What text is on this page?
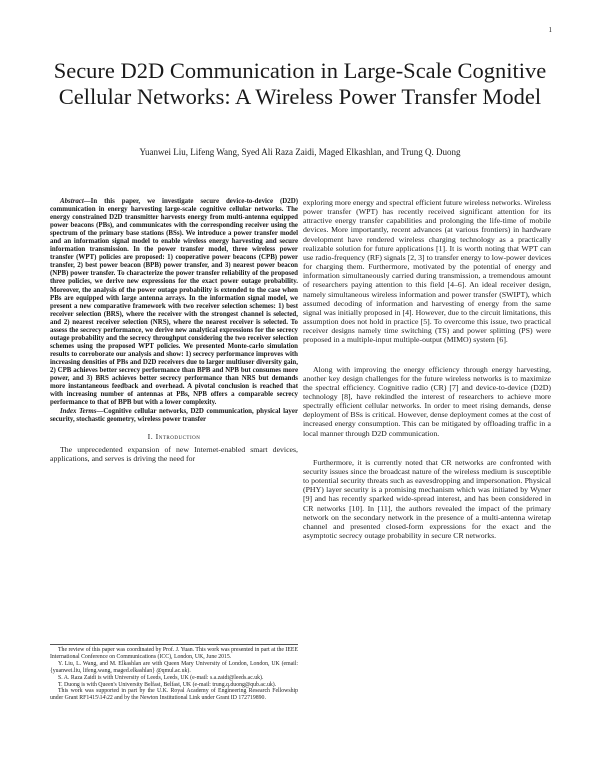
1
Secure D2D Communication in Large-Scale Cognitive Cellular Networks: A Wireless Power Transfer Model
Yuanwei Liu, Lifeng Wang, Syed Ali Raza Zaidi, Maged Elkashlan, and Trung Q. Duong

Abstract—In this paper, we investigate secure device-to-device (D2D) communication in energy harvesting large-scale cognitive cellular networks. The energy constrained D2D transmitter harvests energy from multi-antenna equipped power beacons (PBs), and communicates with the corresponding receiver using the spectrum of the primary base stations (BSs). We introduce a power transfer model and an information signal model to enable wireless energy harvesting and secure information transmission. In the power transfer model, three wireless power transfer (WPT) policies are proposed: 1) cooperative power beacons (CPB) power transfer, 2) best power beacon (BPB) power transfer, and 3) nearest power beacon (NPB) power transfer. To characterize the power transfer reliability of the proposed three policies, we derive new expressions for the exact power outage probability. Moreover, the analysis of the power outage probability is extended to the case when PBs are equipped with large antenna arrays. In the information signal model, we present a new comparative framework with two receiver selection schemes: 1) best receiver selection (BRS), where the receiver with the strongest channel is selected, and 2) nearest receiver selection (NRS), where the nearest receiver is selected. To assess the secrecy performance, we derive new analytical expressions for the secrecy outage probability and the secrecy throughput considering the two receiver selection schemes using the proposed WPT policies. We presented Monte-carlo simulation results to corroborate our analysis and show: 1) secrecy performance improves with increasing densities of PBs and D2D receivers due to larger multiuser diversity gain, 2) CPB achieves better secrecy performance than BPB and NPB but consumes more power, and 3) BRS achieves better secrecy performance than NRS but demands more instantaneous feedback and overhead. A pivotal conclusion is reached that with increasing number of antennas at PBs, NPB offers a comparable secrecy performance to that of BPB but with a lower complexity.

Index Terms—Cognitive cellular networks, D2D communication, physical layer security, stochastic geometry, wireless power transfer

I. Introduction

The unprecedented expansion of new Internet-enabled smart devices, applications, and serves is driving the need for

The review of this paper was coordinated by Prof. J. Yuan. This work was presented in part at the IEEE International Conference on Communications (ICC), London, UK, June 2015.

Y. Liu, L. Wang, and M. Elkashlan are with Queen Mary University of London, London, UK (email:{yuanwei.liu, lifeng.wang, maged.elkashlan} @qmul.ac.uk).

S. A. Raza Zaidi is with University of Leeds, Leeds, UK (e-mail: s.a.zaidi@leeds.ac.uk).

T. Duong is with Queen's University Belfast, Belfast, UK (e-mail: trung.q.duong@qub.ac.uk).

This work was supported in part by the U.K. Royal Academy of Engineering Research Fellowship under Grant RF1415\14\22 and by the Newton Institutional Link under Grant ID 172719890.

exploring more energy and spectral efficient future wireless networks. Wireless power transfer (WPT) has recently received significant attention for its attractive energy transfer capabilities and prolonging the life-time of mobile devices. More importantly, recent advances (at various frontiers) in hardware development have rendered wireless charging technology as a practically realizable solution for future applications [1]. It is worth noting that WPT can use radio-frequency (RF) signals [2, 3] to transfer energy to low-power devices for charging them. Furthermore, motivated by the potential of energy and information simultaneously carried during transmission, a tremendous amount of researchers paying attention to this field [4–6]. An ideal receiver design, namely simultaneous wireless information and power transfer (SWIPT), which assumed decoding of information and harvesting of energy from the same signal was initially proposed in [4]. However, due to the circuit limitations, this assumption does not hold in practice [5]. To overcome this issue, two practical receiver designs namely time switching (TS) and power splitting (PS) were proposed in a multiple-input multiple-output (MIMO) system [6].

Along with improving the energy efficiency through energy harvesting, another key design challenges for the future wireless networks is to maximize the spectral efficiency. Cognitive radio (CR) [7] and device-to-device (D2D) technology [8], have rekindled the interest of researchers to achieve more spectrally efficient cellular networks. In order to meet rising demands, dense deployment of BSs is critical. However, dense deployment comes at the cost of increased energy consumption. This can be mitigated by offloading traffic in a local manner through D2D communication.

Furthermore, it is currently noted that CR networks are confronted with security issues since the broadcast nature of the wireless medium is susceptible to potential security threats such as eavesdropping and impersonation. Physical (PHY) layer security is a promising mechanism which was initiated by Wyner [9] and has recently sparked wide-spread interest, and has been considered in CR networks [10]. In [11], the authors revealed the impact of the primary network on the secondary network in the presence of a multi-antenna wiretap channel and presented closed-form expressions for the exact and the asymptotic secrecy outage probability in secure CR networks.
